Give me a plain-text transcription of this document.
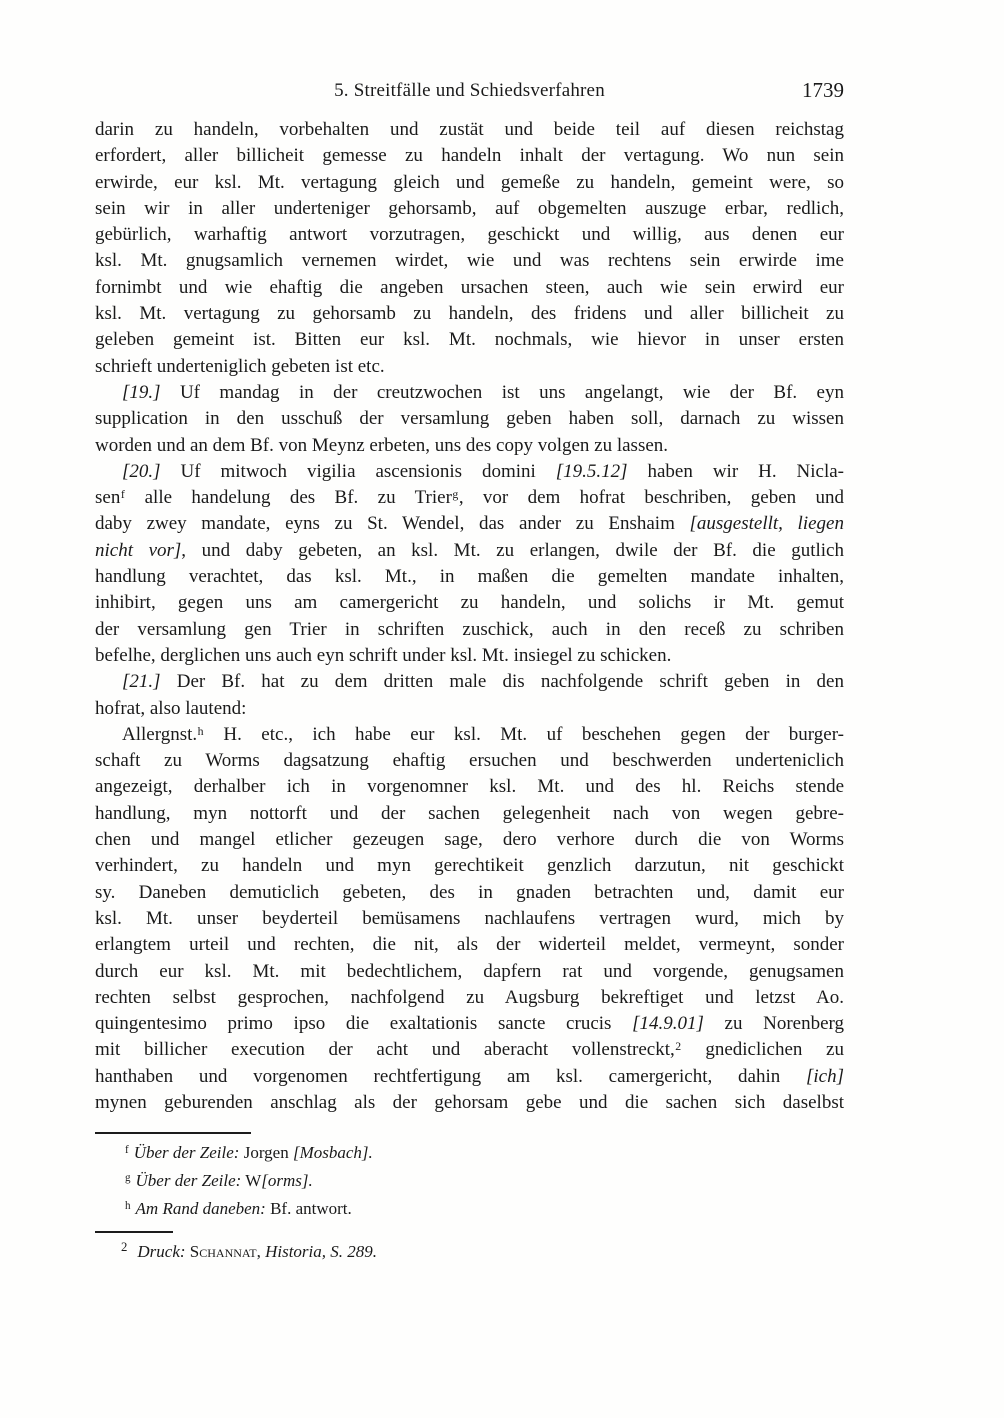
5. Streitfälle und Schiedsverfahren	1739
darin zu handeln, vorbehalten und zustät und beide teil auf diesen reichstag
erfordert, aller billicheit gemesse zu handeln inhalt der vertagung. Wo nun sein
erwirde, eur ksl. Mt. vertagung gleich und gemeße zu handeln, gemeint were, so
sein wir in aller underteniger gehorsamb, auf obgemelten auszuge erbar, redlich,
gebürlich, warhaftig antwort vorzutragen, geschickt und willig, aus denen eur
ksl. Mt. gnugsamlich vernemen wirdet, wie und was rechtens sein erwirde ime
fornimbt und wie ehaftig die angeben ursachen steen, auch wie sein erwird eur
ksl. Mt. vertagung zu gehorsamb zu handeln, des fridens und aller billicheit zu
geleben gemeint ist. Bitten eur ksl. Mt. nochmals, wie hievor in unser ersten
schrieft underteniglich gebeten ist etc.
[19.] Uf mandag in der creutzwochen ist uns angelangt, wie der Bf. eyn
supplication in den usschuß der versamlung geben haben soll, darnach zu wissen
worden und an dem Bf. von Meynz erbeten, uns des copy volgen zu lassen.
[20.] Uf mitwoch vigilia ascensionis domini [19.5.12] haben wir H. Nicla-
sen$^f$ alle handelung des Bf. zu Trier$^g$, vor dem hofrat beschriben, geben und
daby zwey mandate, eyns zu St. Wendel, das ander zu Enshaim [ausgestellt, liegen
nicht vor], und daby gebeten, an ksl. Mt. zu erlangen, dwile der Bf. die gutlich
handlung verachtet, das ksl. Mt., in maßen die gemelten mandate inhalten,
inhibirt, gegen uns am camergericht zu handeln, und solichs ir Mt. gemut
der versamlung gen Trier in schriften zuschick, auch in den receß zu schriben
befelhe, derglichen uns auch eyn schrift under ksl. Mt. insiegel zu schicken.
[21.] Der Bf. hat zu dem dritten male dis nachfolgende schrift geben in den
hofrat, also lautend:
Allergnst.$^h$ H. etc., ich habe eur ksl. Mt. uf beschehen gegen der burger-
schaft zu Worms dagsatzung ehaftig ersuchen und beschwerden underteniclich
angezeigt, derhalber ich in vorgenomner ksl. Mt. und des hl. Reichs stende
handlung, myn nottorft und der sachen gelegenheit nach von wegen gebre-
chen und mangel etlicher gezeugen sage, dero verhore durch die von Worms
verhindert, zu handeln und myn gerechtikeit genzlich darzutun, nit geschickt
sy. Daneben demuticlich gebeten, des in gnaden betrachten und, damit eur
ksl. Mt. unser beyderteil bemüsamens nachlaufens vertragen wurd, mich by
erlangtem urteil und rechten, die nit, als der widerteil meldet, vermeynt, sonder
durch eur ksl. Mt. mit bedechtlichem, dapfern rat und vorgende, genugsamen
rechten selbst gesprochen, nachfolgend zu Augsburg bekreftiget und letzst Ao.
quingentesimo primo ipso die exaltationis sancte crucis [14.9.01] zu Norenberg
mit billicher execution der acht und aberacht vollenstreckt,$^2$ gnediclichen zu
hanthaben und vorgenomen rechtfertigung am ksl. camergericht, dahin [ich]
mynen geburenden anschlag als der gehorsam gebe und die sachen sich daselbst
$^f$ Über der Zeile: Jorgen [Mosbach].
$^g$ Über der Zeile: W[orms].
$^h$ Am Rand daneben: Bf. antwort.
$^2$ Druck: Schannat, Historia, S. 289.
